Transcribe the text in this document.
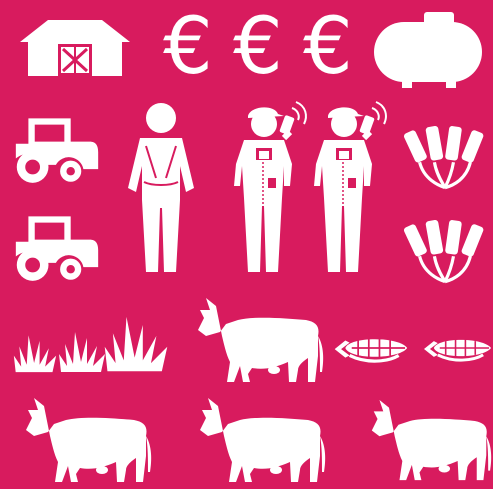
€ € €
